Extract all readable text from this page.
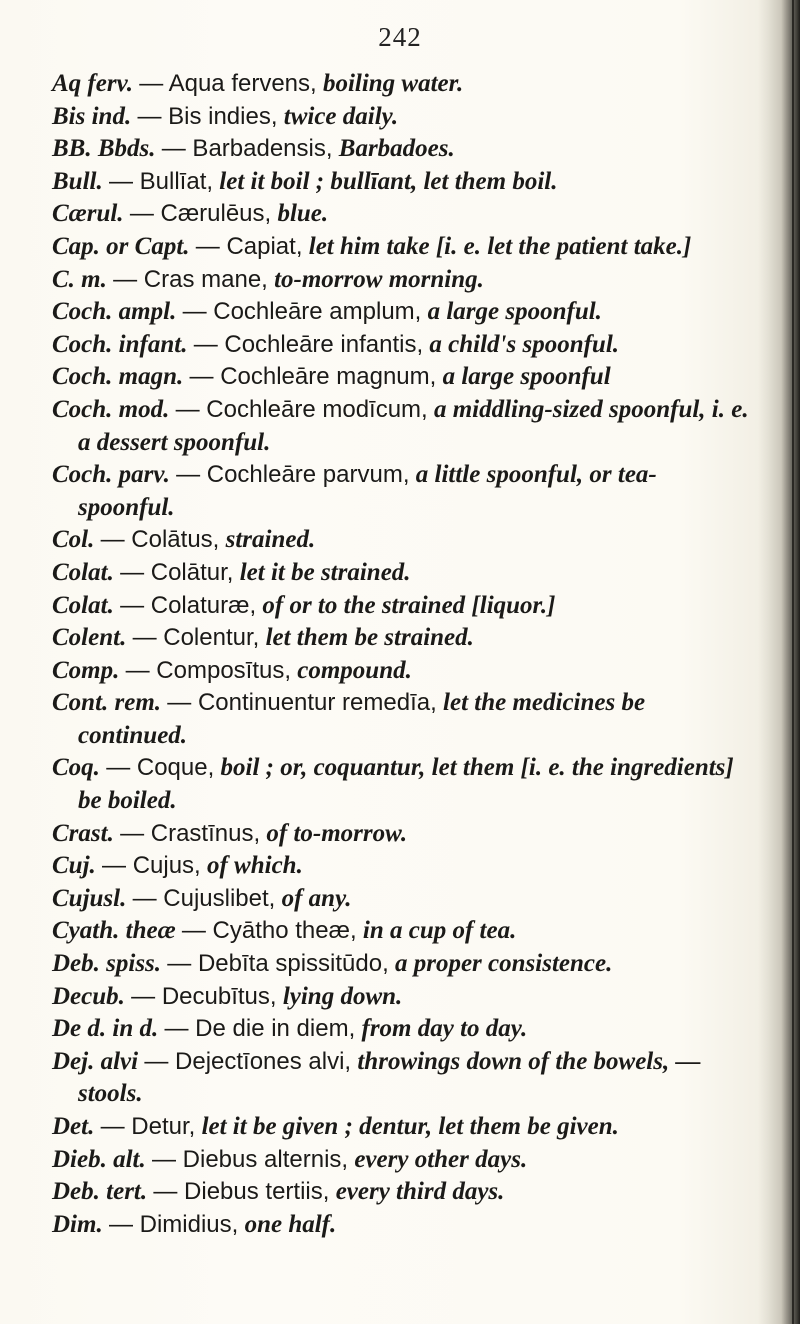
242
Aq ferv. — Aqua fervens, boiling water.
Bis ind. — Bis indies, twice daily.
BB. Bbds. — Barbadensis, Barbadoes.
Bull. — Bullīat, let it boil ; bullīant, let them boil.
Cærul. — Cærulēus, blue.
Cap. or Capt. — Capiat, let him take [i. e. let the patient take.]
C. m. — Cras mane, to-morrow morning.
Coch. ampl. — Cochleāre amplum, a large spoonful.
Coch. infant. — Cochleāre infantis, a child's spoonful.
Coch. magn. — Cochleāre magnum, a large spoonful
Coch. mod. — Cochleāre modīcum, a middling-sized spoonful, i. e. a dessert spoonful.
Coch. parv. — Cochleāre parvum, a little spoonful, or tea-spoonful.
Col. — Colātus, strained.
Colat. — Colātur, let it be strained.
Colat. — Colaturæ, of or to the strained [liquor.]
Colent. — Colentur, let them be strained.
Comp. — Composītus, compound.
Cont. rem. — Continuentur remedīa, let the medicines be continued.
Coq. — Coque, boil ; or, coquantur, let them [i. e. the ingredients] be boiled.
Crast. — Crastīnus, of to-morrow.
Cuj. — Cujus, of which.
Cujusl. — Cujuslibet, of any.
Cyath. theæ — Cyātho theæ, in a cup of tea.
Deb. spiss. — Debīta spissitūdo, a proper consistence.
Decub. — Decubītus, lying down.
De d. in d. — De die in diem, from day to day.
Dej. alvi — Dejectīones alvi, throwings down of the bowels, — stools.
Det. — Detur, let it be given ; dentur, let them be given.
Dieb. alt. — Diebus alternis, every other days.
Deb. tert. — Diebus tertiis, every third days.
Dim. — Dimidius, one half.
